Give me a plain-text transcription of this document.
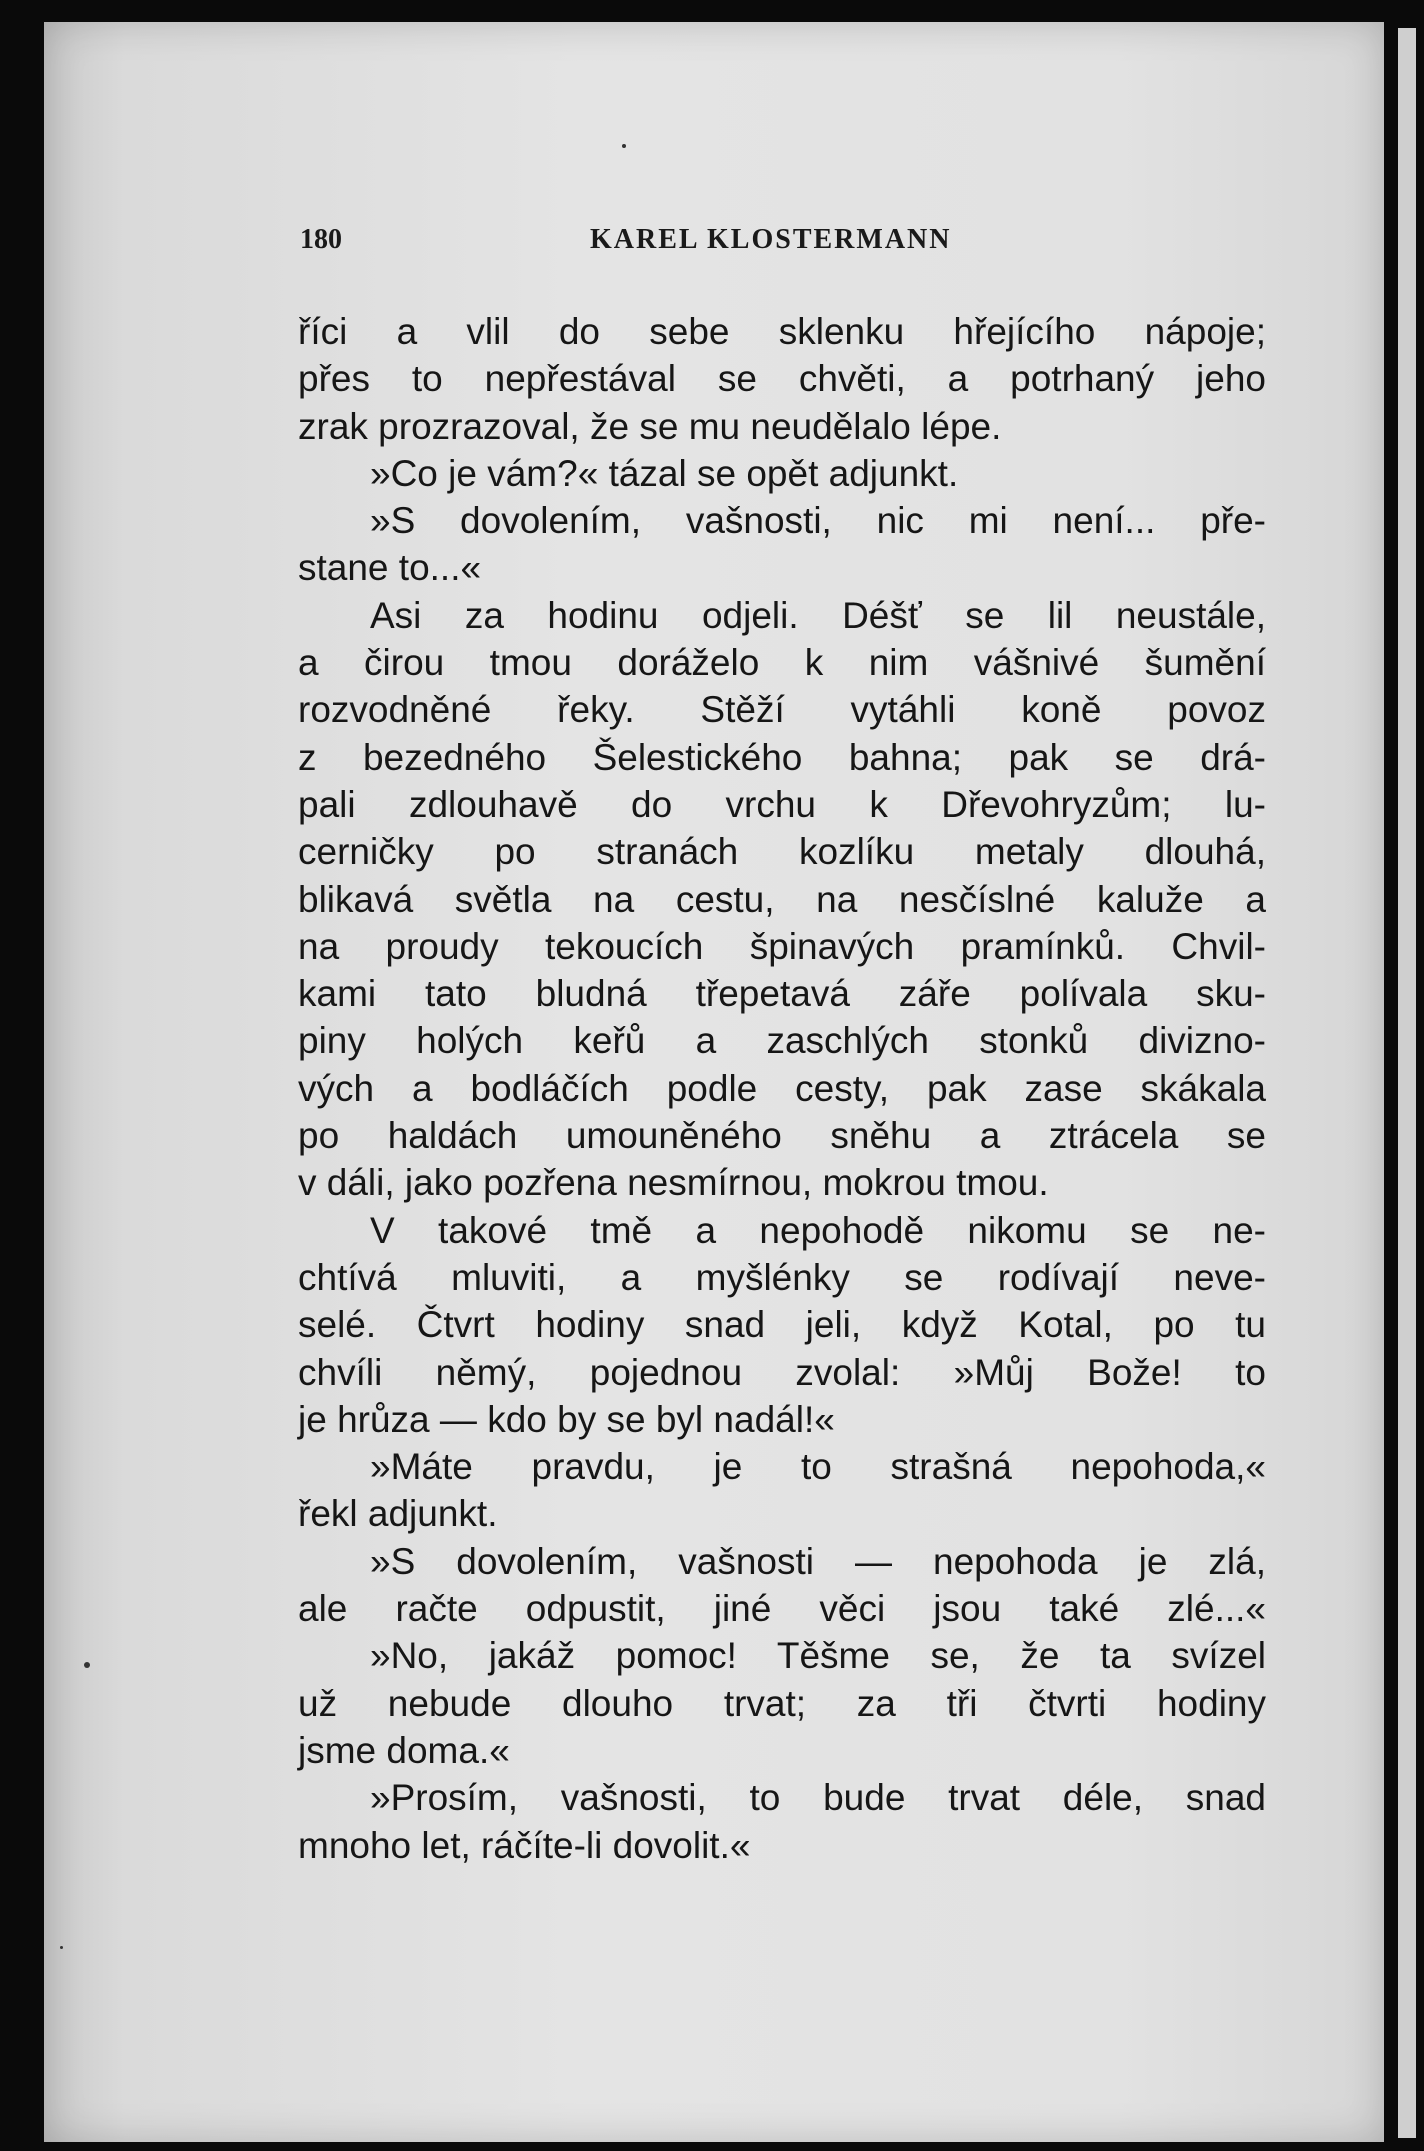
180	KAREL KLOSTERMANN
říci a vlil do sebe sklenku hřejícího nápoje;
přes to nepřestával se chvěti, a potrhaný jeho
zrak prozrazoval, že se mu neudělalo lépe.
»Co je vám?« tázal se opět adjunkt.
»S dovolením, vašnosti, nic mi není... pře-
stane to...«
Asi za hodinu odjeli. Déšť se lil neustále,
a čirou tmou doráželo k nim vášnivé šumění
rozvodněné řeky. Stěží vytáhli koně povoz
z bezedného Šelestického bahna; pak se drá-
pali zdlouhavě do vrchu k Dřevohryzům; lu-
cerničky po stranách kozlíku metaly dlouhá,
blikavá světla na cestu, na nesčíslné kaluže a
na proudy tekoucích špinavých pramínků. Chvil-
kami tato bludná třepetavá záře polívala sku-
piny holých keřů a zaschlých stonků divizno-
vých a bodláčích podle cesty, pak zase skákala
po haldách umouněného sněhu a ztrácela se
v dáli, jako pozřena nesmírnou, mokrou tmou.
V takové tmě a nepohodě nikomu se ne-
chtívá mluviti, a myšlénky se rodívají neve-
selé. Čtvrt hodiny snad jeli, když Kotal, po tu
chvíli němý, pojednou zvolal: »Můj Bože! to
je hrůza — kdo by se byl nadál!«
»Máte pravdu, je to strašná nepohoda,«
řekl adjunkt.
»S dovolením, vašnosti — nepohoda je zlá,
ale račte odpustit, jiné věci jsou také zlé...«
»No, jakáž pomoc! Těšme se, že ta svízel
už nebude dlouho trvat; za tři čtvrti hodiny
jsme doma.«
»Prosím, vašnosti, to bude trvat déle, snad
mnoho let, ráčíte-li dovolit.«
